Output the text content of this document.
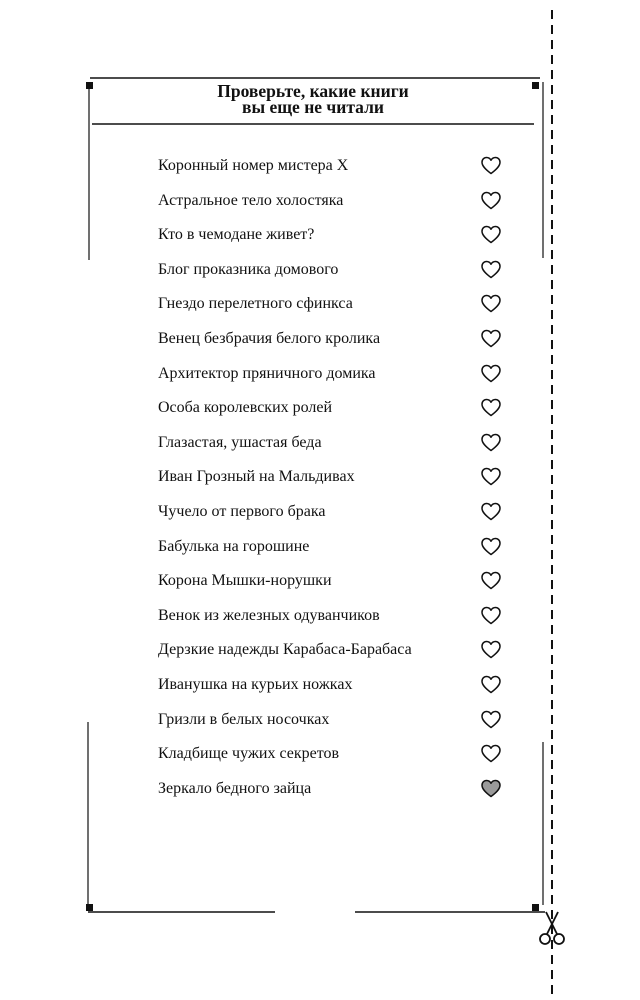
Проверьте, какие книги
вы еще не читали
Коронный номер мистера Х
Астральное тело холостяка
Кто в чемодане живет?
Блог проказника домового
Гнездо перелетного сфинкса
Венец безбрачия белого кролика
Архитектор пряничного домика
Особа королевских ролей
Глазастая, ушастая беда
Иван Грозный на Мальдивах
Чучело от первого брака
Бабулька на горошине
Корона Мышки-норушки
Венок из железных одуванчиков
Дерзкие надежды Карабаса-Барабаса
Иванушка на курьих ножках
Гризли в белых носочках
Кладбище чужих секретов
Зеркало бедного зайца
